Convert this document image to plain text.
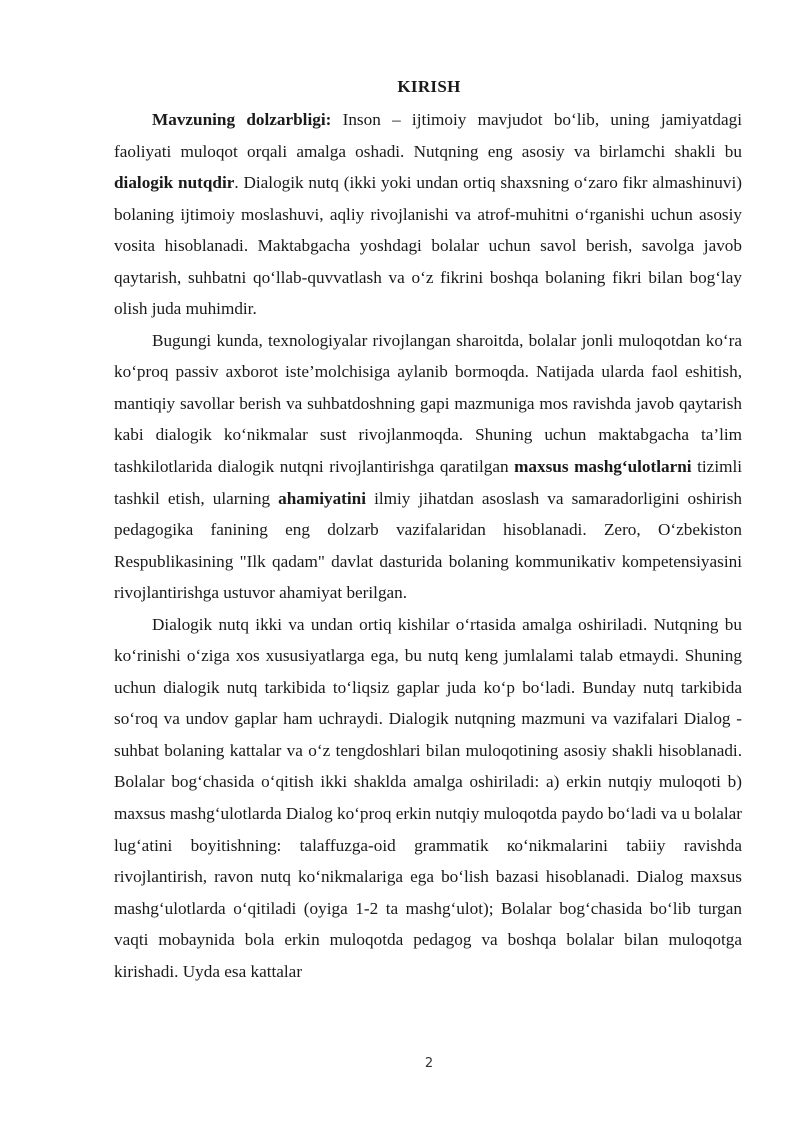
KIRISH

Mavzuning dolzarbligi: Inson – ijtimoiy mavjudot bo‘lib, uning jamiyatdagi faoliyati muloqot orqali amalga oshadi. Nutqning eng asosiy va birlamchi shakli bu dialogik nutqdir. Dialogik nutq (ikki yoki undan ortiq shaxsning o‘zaro fikr almashinuvi) bolaning ijtimoiy moslashuvi, aqliy rivojlanishi va atrof-muhitni o‘rganishi uchun asosiy vosita hisoblanadi. Maktabgacha yoshdagi bolalar uchun savol berish, savolga javob qaytarish, suhbatni qo‘llab-quvvatlash va o‘z fikrini boshqa bolaning fikri bilan bog‘lay olish juda muhimdir.

Bugungi kunda, texnologiyalar rivojlangan sharoitda, bolalar jonli muloqotdan ko‘ra ko‘proq passiv axborot iste’molchisiga aylanib bormoqda. Natijada ularda faol eshitish, mantiqiy savollar berish va suhbatdoshning gapi mazmuniga mos ravishda javob qaytarish kabi dialogik ko‘nikmalar sust rivojlanmoqda. Shuning uchun maktabgacha ta’lim tashkilotlarida dialogik nutqni rivojlantirishga qaratilgan maxsus mashg‘ulotlarni tizimli tashkil etish, ularning ahamiyatini ilmiy jihatdan asoslash va samaradorligini oshirish pedagogika fanining eng dolzarb vazifalaridan hisoblanadi. Zero, O‘zbekiston Respublikasining "Ilk qadam" davlat dasturida bolaning kommunikativ kompetensiyasini rivojlantirishga ustuvor ahamiyat berilgan.

Dialogik nutq ikki va undan ortiq kishilar o‘rtasida amalga oshiriladi. Nutqning bu ko‘rinishi o‘ziga xos xususiyatlarga ega, bu nutq keng jumlalami talab etmaydi. Shuning uchun dialogik nutq tarkibida to‘liqsiz gaplar juda ko‘p bo‘ladi. Bunday nutq tarkibida so‘roq va undov gaplar ham uchraydi. Dialogik nutqning mazmuni va vazifalari Dialog - suhbat bolaning kattalar va o‘z tengdoshlari bilan muloqotining asosiy shakli hisoblanadi. Bolalar bog‘chasida o‘qitish ikki shaklda amalga oshiriladi: a) erkin nutqiy muloqoti b) maxsus mashg‘ulotlarda Dialog ko‘proq erkin nutqiy muloqotda paydo bo‘ladi va u bolalar lug‘atini boyitishning: talaffuzga-oid grammatik ко‘nikmalarini tabiiy ravishda rivojlantirish, ravon nutq ko‘nikmalariga ega bo‘lish bazasi hisoblanadi. Dialog maxsus mashg‘ulotlarda o‘qitiladi (oyiga 1-2 ta mashg‘ulot); Bolalar bog‘chasida bo‘lib turgan vaqti mobaynida bola erkin muloqotda pedagog va boshqa bolalar bilan muloqotga kirishadi. Uyda esa kattalar

2
